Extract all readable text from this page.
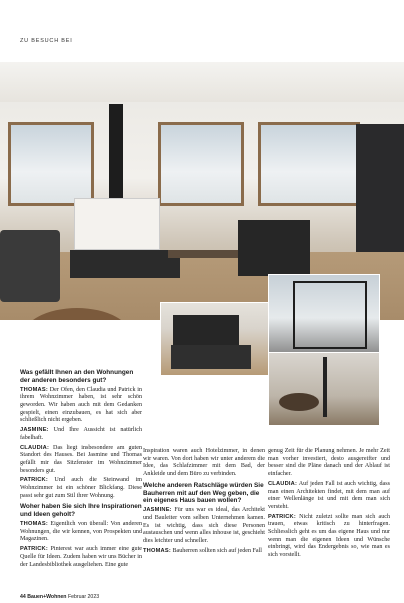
ZU BESUCH BEI
Was gefällt Ihnen an den Wohnungen der anderen besonders gut?

THOMAS: Der Ofen, den Claudia und Patrick in ihrem Wohnzimmer haben, ist sehr schön geworden. Wir haben auch mit dem Gedanken gespielt, einen einzubauen, es hat sich aber schließlich nicht ergeben.

JASMINE: Und Ihre Aussicht ist natürlich fabelhaft.

CLAUDIA: Das liegt insbesondere am guten Standort des Hauses. Bei Jasmine und Thomas gefällt mir das Sitzfenster im Wohnzimmer besonders gut.

PATRICK: Und auch die Steinwand im Wohnzimmer ist ein schöner Blickfang. Diese passt sehr gut zum Stil ihrer Wohnung.

Woher haben Sie sich Ihre Inspirationen und Ideen geholt?

THOMAS: Eigentlich von überall: Von anderen Wohnungen, die wir kennen, von Prospekten und Magazinen.

PATRICK: Pinterest war auch immer eine gute Quelle für Ideen. Zudem haben wir uns Bücher in der Landesbibliothek ausgeliehen. Eine gute

Inspiration waren auch Hotelzimmer, in denen wir waren. Von dort haben wir unter anderem die Idee, das Schlafzimmer mit dem Bad, der Ankleide und dem Büro zu verbinden.

Welche anderen Ratschläge würden Sie Bauherren mit auf den Weg geben, die ein eigenes Haus bauen wollen?

JASMINE: Für uns war es ideal, das Architekt und Bauleiter vom selben Unternehmen kamen. Es ist wichtig, dass sich diese Personen austauschen und wenn alles inhouse ist, geschieht dies leichter und schneller.

THOMAS: Bauherren sollten sich auf jeden Fall

genug Zeit für die Planung nehmen. Je mehr Zeit man vorher investiert, desto ausgereifter und besser sind die Pläne danach und der Ablauf ist einfacher.

CLAUDIA: Auf jeden Fall ist auch wichtig, dass man einen Architekten findet, mit dem man auf einer Wellenlänge ist und mit dem man sich versteht.

PATRICK: Nicht zuletzt sollte man sich auch trauen, etwas kritisch zu hinterfragen. Schliesslich geht es um das eigene Haus und nur wenn man die eigenen Ideen und Wünsche einbringt, wird das Endergebnis so, wie man es sich vorstellt.

44 Bauen+Wohnen Februar 2023
